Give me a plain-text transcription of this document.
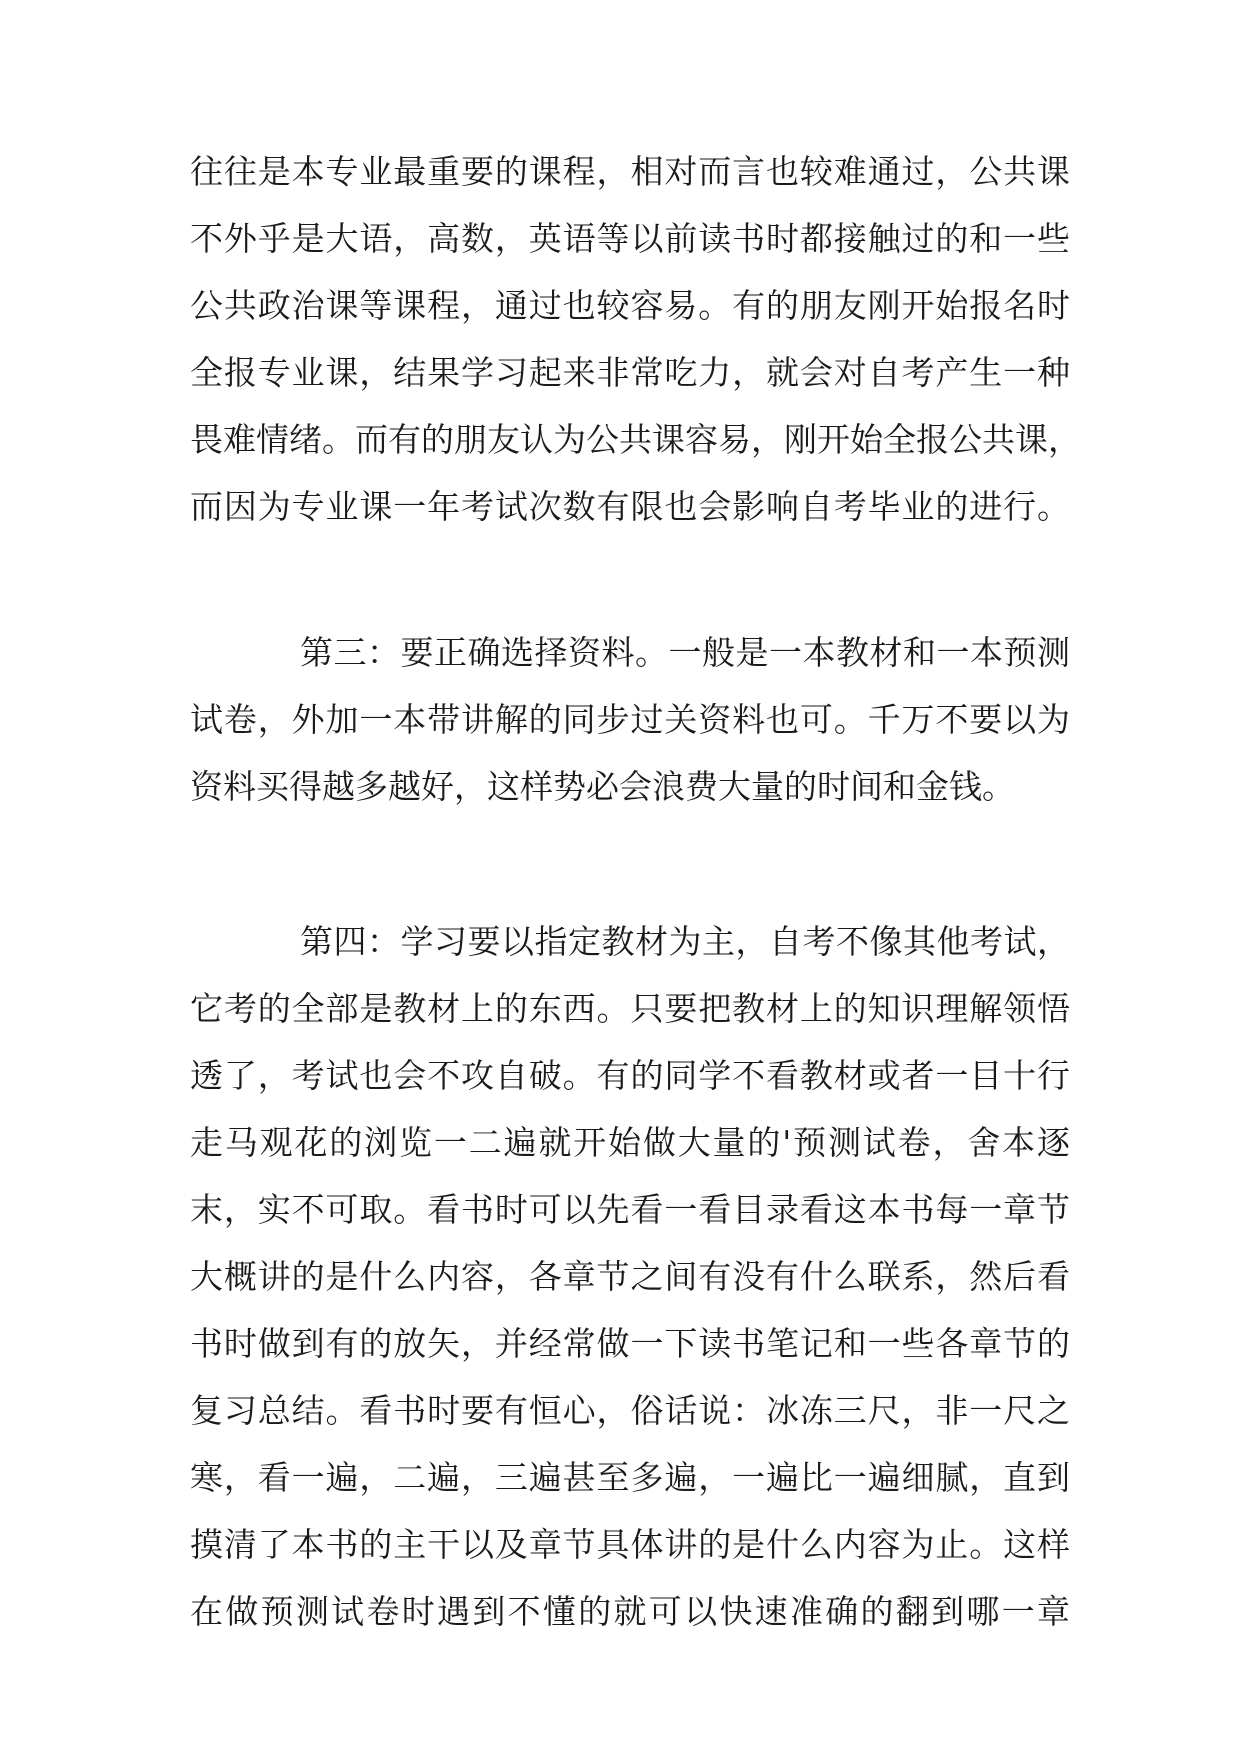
往往是本专业最重要的课程，相对而言也较难通过，公共课
不外乎是大语，高数，英语等以前读书时都接触过的和一些
公共政治课等课程，通过也较容易。有的朋友刚开始报名时
全报专业课，结果学习起来非常吃力，就会对自考产生一种
畏难情绪。而有的朋友认为公共课容易，刚开始全报公共课，
而因为专业课一年考试次数有限也会影响自考毕业的进行。
第三：要正确选择资料。一般是一本教材和一本预测
试卷，外加一本带讲解的同步过关资料也可。千万不要以为
资料买得越多越好，这样势必会浪费大量的时间和金钱。
第四：学习要以指定教材为主，自考不像其他考试，
它考的全部是教材上的东西。只要把教材上的知识理解领悟
透了，考试也会不攻自破。有的同学不看教材或者一目十行
走马观花的浏览一二遍就开始做大量的'预测试卷，舍本逐
末，实不可取。看书时可以先看一看目录看这本书每一章节
大概讲的是什么内容，各章节之间有没有什么联系，然后看
书时做到有的放矢，并经常做一下读书笔记和一些各章节的
复习总结。看书时要有恒心，俗话说：冰冻三尺，非一尺之
寒，看一遍，二遍，三遍甚至多遍，一遍比一遍细腻，直到
摸清了本书的主干以及章节具体讲的是什么内容为止。这样
在做预测试卷时遇到不懂的就可以快速准确的翻到哪一章
